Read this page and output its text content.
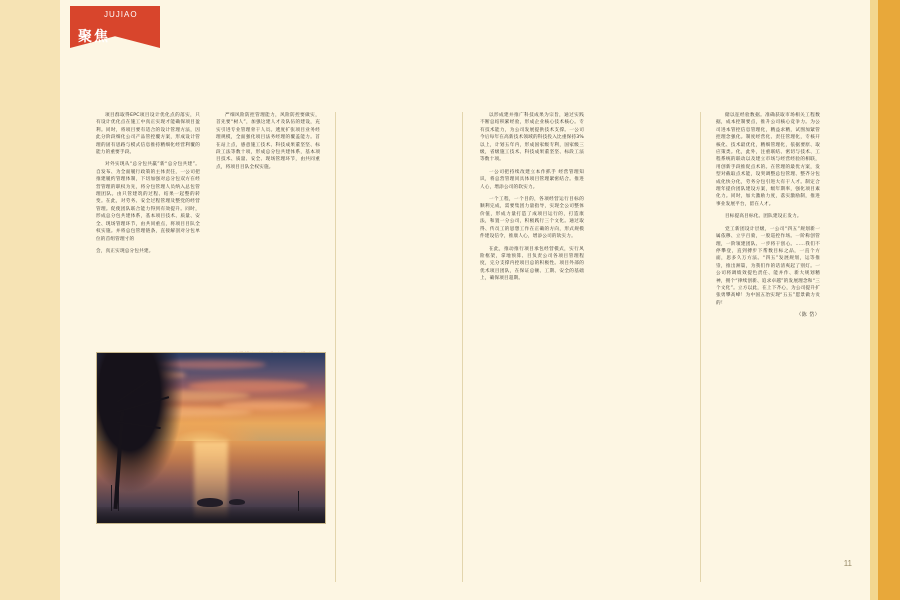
JUJIAO
聚焦

项目群取得EPC项目设计优化点的落实，只有设计优化点在施工中真正实现才能确保项目盈利。同时，将项目要有适合的设计管理方法，因此分阶段细化公司产品管控覆方案，形成设计管理的固有思路与模式信息推持精细化经营利覆的能力的重要手段。

对外实现从“总分包共赢”新“总分包共建”。自发布、为全面履行政策的主体责任，一公司把推建履约管理体制，下切加强对总分包双方在经营管理的职权为先，将分包管理人员纳入总包管理团队。由只管建筑的过程、结果一起整的转变。在此，对劳务、安全过程管理及整党的经营管理。促使团队联合能力得到有效提升。同时，形成总分包共建体系，基本项目技术、质量、安全、现场管理环节，由共同重点，将项目目队全权实施。并将总包管理链条，直接解剖对分包单位的首组管理寸的

会，真正实现总分包共建。

严细风险防控管理能力，风险防控要做实，首先要“树人”，加强这建人才及队伍的建设，充实引进专业管理骨干人员。透度扩张项目业务经理规模，全面强化项目法务经理的覆盖能力。首在站上点，感意施工技术、科技成果董坚坚、标段工法等数十项，形成总分包共建体系，基本项目技术、质量、安全、现场管理环节，由共同重点，将项目目队全权实施。

以形成建并推广科技成果为宗旨，通过实践不断总结积累经验，形成企业核心技术核心。专有技术能力，为公司发展提供技术支撑。一公司今后每年在高新技术领域的科技投入比重保持3%以上，计划五年内，形成国家级专利，国家级三级，省级施工技术、科技成果董坚坚、标段工法等数十项。

一公司把持续改建立本作抓手 经营管理知识，将总营管理同具体项目管理紧密结合。推进人心，增添公司的软实力。

一个工程，一个目的，各项经营运行目标的顺利完成，需要集团力量指导，实现全公司整体价值，形成力量打造了成项目运行的，打造康法，和置一分公司，积极践行三个文化。通过取得、传员工的思想工作在正确的方向，形式规模件建设信令，推康人心，增添公司的软实力。

在此，推动推行项目承包经营模式，实行风险框架，拿地预算、目负责公司各项目管理程度，完分支撑内控项目总的积极性。项目外部的优术项目团队，在保证总额、工期、安全的基础上，确保项目超期。

储以征经验数据。准确获取市场相关工程数据，成本控制要点，推升公司核心竞争力。为公司进本管控信息管理化，精益求精，试图加紧管控理念强化。制度经营化、责任管理化，专核开核化、技术最优化，精细管理化，依据要原、取应策类。化，此外，注重联结、密切与技术、工程系统的联动以及建立市场与经营经验的相联，用创新手段推促点术的。在管理的最优方案，发型对截取点术能，设突调整总包管理、整齐分包成化快分化，劳务分包引进大有干人才。制定合理年提价团队建设方案，级年期率，强化项目素化力。同时，加大激励力度，落实激励制，推进事业发展平台，留在人才。

目标提高目标化。团队建设正发力。

党工新团设计层级，一公司“四五”规划新一属依穆、立字百骑，一股巡控作场。一阶称创管理，一阶领建团队、一步将干创心。……我们不停攀登，直到搏步下帮数目标之品，一直个方面，思多久万方法。“四五”发展规划，运等推崇，推出洲篇，为我们作的话清爽起了别灯。一公司将调绩效提色责任、能并作、新大规划精神，拥个“律续创新、追求卓越”的发展理念和“三个文化”。立方以此，在上下齐心，为公司提升扩张勇攀高峰！为中国五冶实现“五五”愿景做力贡的！

（陈 岱）

11
